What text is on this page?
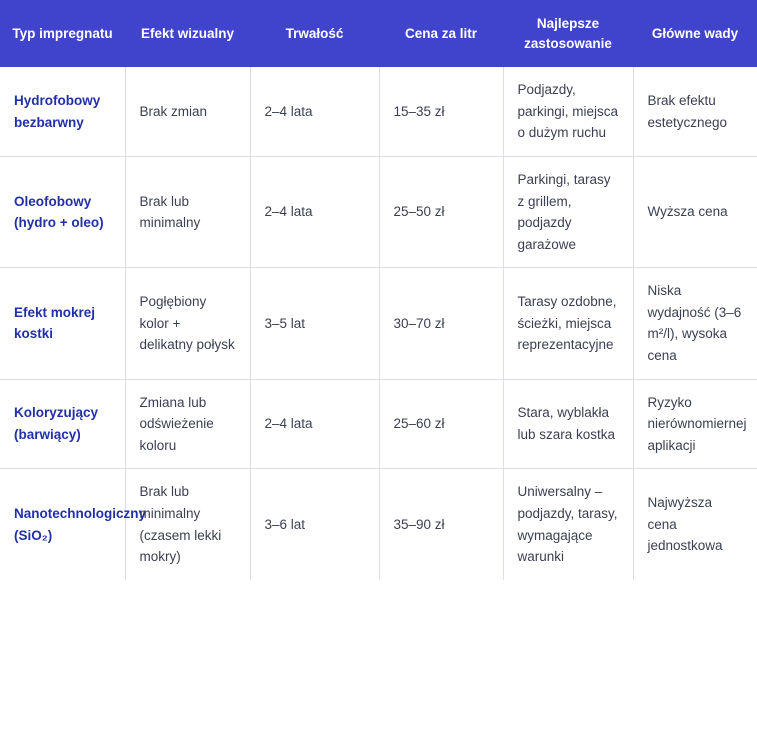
Typ impregnatu	Efekt wizualny	Trwałość	Cena za litr	Najlepsze zastosowanie	Główne wady
Hydrofobowy bezbarwny	Brak zmian	2–4 lata	15–35 zł	Podjazdy, parkingi, miejsca o dużym ruchu	Brak efektu estetycznego
Oleofobowy (hydro + oleo)	Brak lub minimalny	2–4 lata	25–50 zł	Parkingi, tarasy z grillem, podjazdy garażowe	Wyższa cena
Efekt mokrej kostki	Pogłębiony kolor + delikatny połysk	3–5 lat	30–70 zł	Tarasy ozdobne, ścieżki, miejsca reprezentacyjne	Niska wydajność (3–6 m²/l), wysoka cena
Koloryzujący (barwiący)	Zmiana lub odświeżenie koloru	2–4 lata	25–60 zł	Stara, wyblakła lub szara kostka	Ryzyko nierównomiernej aplikacji
Nanotechnologiczny (SiO₂)	Brak lub minimalny (czasem lekki mokry)	3–6 lat	35–90 zł	Uniwersalny – podjazdy, tarasy, wymagające warunki	Najwyższa cena jednostkowa
